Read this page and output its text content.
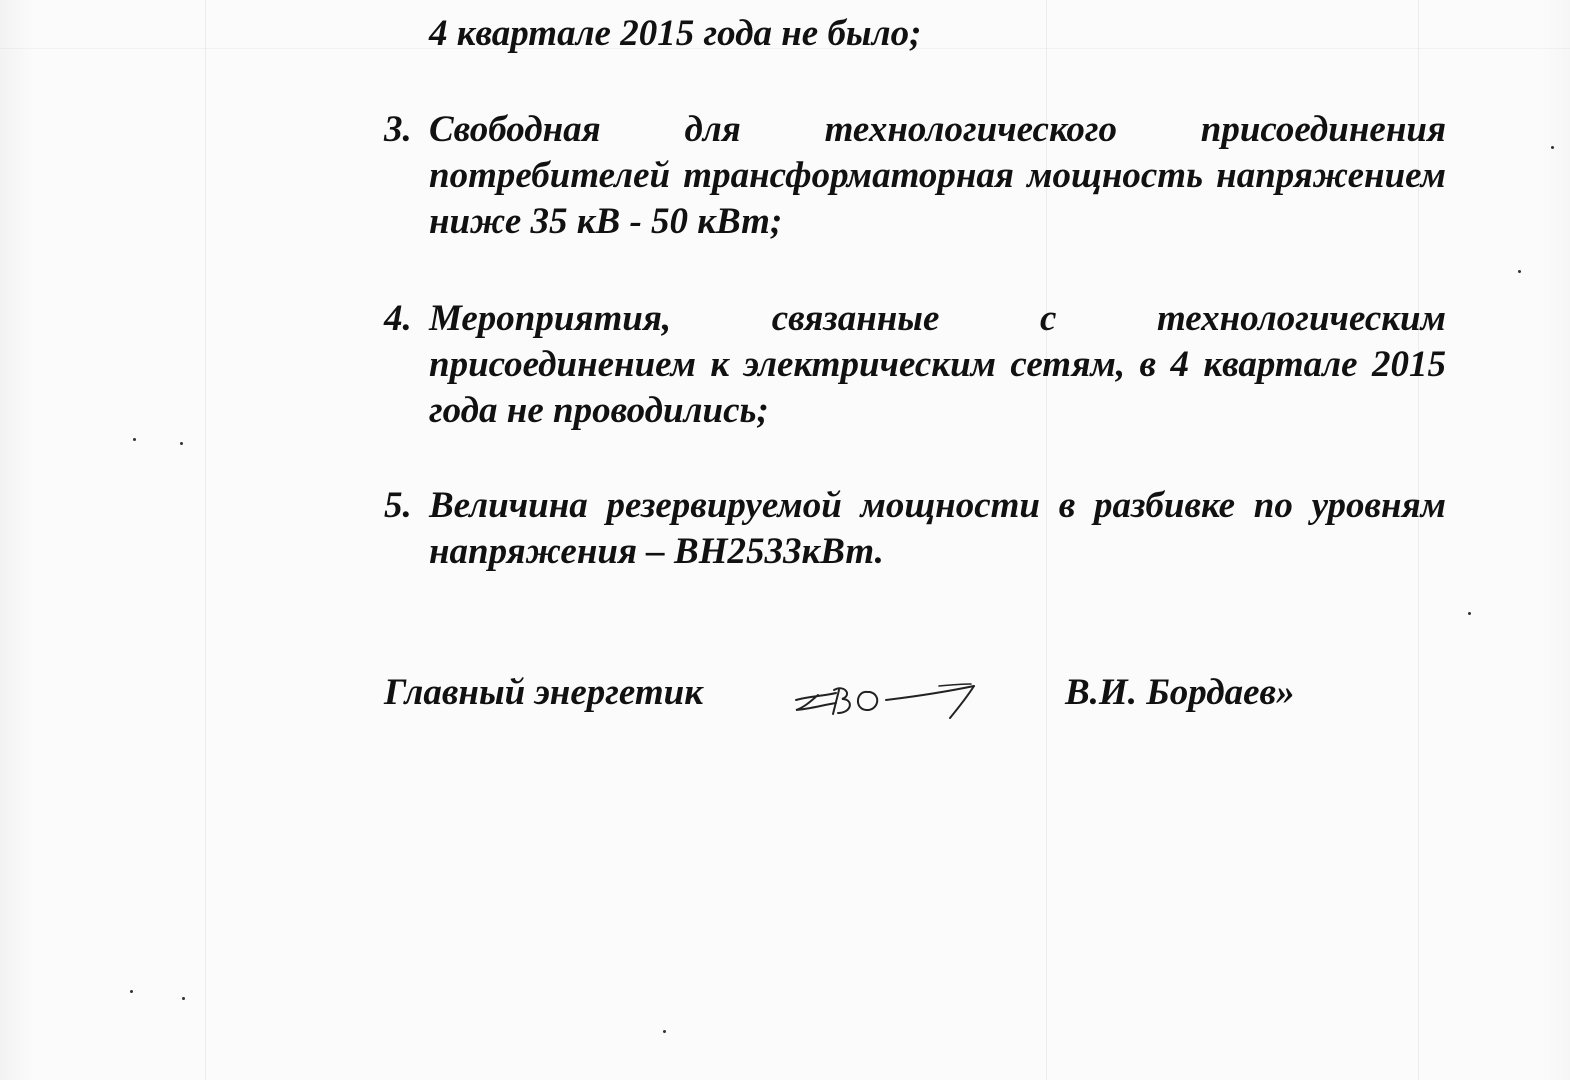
4 квартале 2015 года не было;
3. Свободная для технологического присоединения потребителей трансформаторная мощность напряжением ниже 35 кВ - 50 кВт;
4. Мероприятия, связанные с технологическим присоединением к электрическим сетям, в 4 квартале 2015 года не проводились;
5. Величина резервируемой мощности в разбивке по уровням напряжения – ВН2533кВт.
Главный энергетик	В.И. Бордаев»
